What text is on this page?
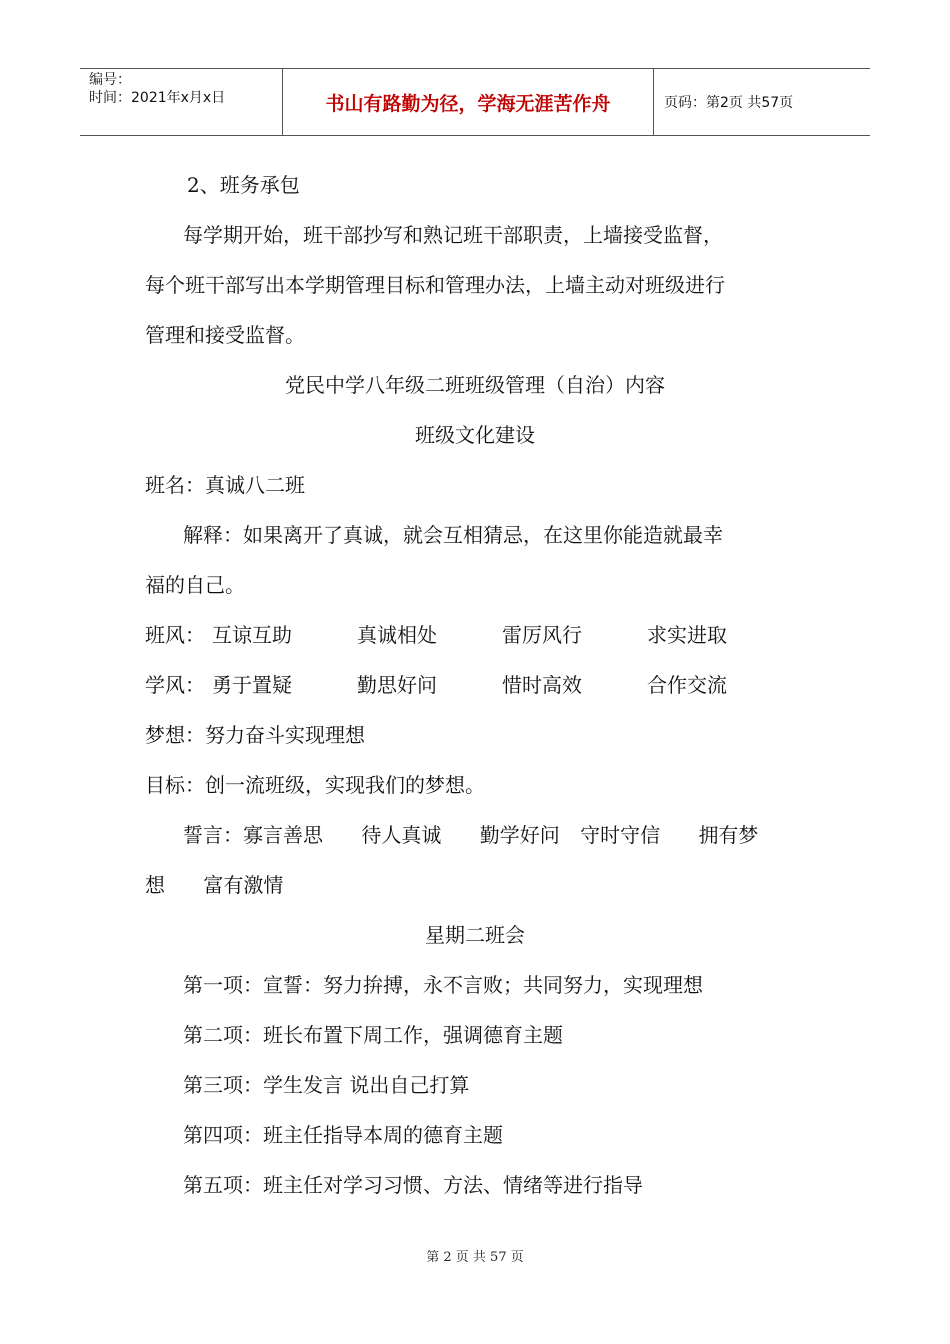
编号：
时间：2021年x月x日	书山有路勤为径，学海无涯苦作舟	页码：第2页 共57页
2、班务承包
每学期开始，班干部抄写和熟记班干部职责，上墙接受监督，
每个班干部写出本学期管理目标和管理办法，上墙主动对班级进行
管理和接受监督。
党民中学八年级二班班级管理（自治）内容
班级文化建设
班名：真诚八二班
解释：如果离开了真诚，就会互相猜忌，在这里你能造就最幸
福的自己。
班风： 互谅互助	真诚相处	雷厉风行	求实进取
学风： 勇于置疑	勤思好问	惜时高效	合作交流
梦想：努力奋斗实现理想
目标：创一流班级，实现我们的梦想。
誓言：寡言善思 待人真诚 勤学好问 守时守信 拥有梦
想 富有激情
星期二班会
第一项：宣誓：努力拚搏，永不言败；共同努力，实现理想
第二项：班长布置下周工作，强调德育主题
第三项：学生发言 说出自己打算
第四项：班主任指导本周的德育主题
第五项：班主任对学习习惯、方法、情绪等进行指导
第 2 页 共 57 页
